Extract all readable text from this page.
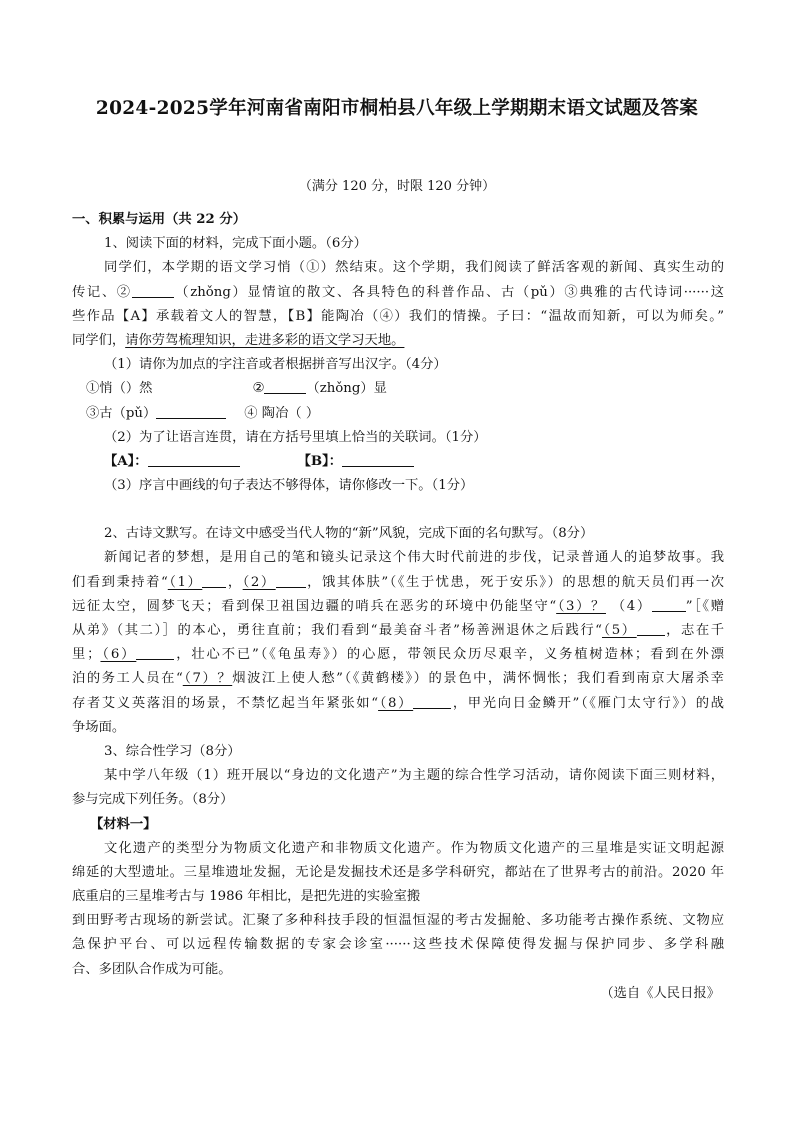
2024-2025学年河南省南阳市桐柏县八年级上学期期末语文试题及答案
（满分 120 分，时限 120 分钟）
一、积累与运用（共 22 分）
1、阅读下面的材料，完成下面小题。（6分）
同学们，本学期的语文学习悄（①）然结束。这个学期，我们阅读了鲜活客观的新闻、真实生动的
传记、②	（zhǒng）显情谊的散文、各具特色的科普作品、古（pǔ）③典雅的古代诗词······这
些作品【A】承载着文人的智慧，【B】能陶冶（④）我们的情操。子曰：“温故而知新，可以为师矣。”
同学们，请你劳驾梳理知识，走进多彩的语文学习天地。
（1）请你为加点的字注音或者根据拼音写出汉字。（4分）
①悄（）然	②	（zhǒng）显
③古（pǔ）	④ 陶冶（ ）
（2）为了让语言连贯，请在方括号里填上恰当的关联词。（1分）
【A】：	【B】：
（3）序言中画线的句子表达不够得体，请你修改一下。（1分）
2、古诗文默写。在诗文中感受当代人物的“新”风貌，完成下面的名句默写。（8分）
新闻记者的梦想，是用自己的笔和镜头记录这个伟大时代前进的步伐，记录普通人的追梦故事。我
们看到秉持着“（1） ，（2） ，饿其体肤”（《生于忧患，死于安乐》）的思想的航天员们再一次
远征太空，圆梦飞天；看到保卫祖国边疆的哨兵在恶劣的环境中仍能坚守“（3）？ （4）	”［《赠
从弟》（其二）］的本心，勇往直前；我们看到“最美奋斗者”杨善洲退休之后践行“（5） ，志在千
里；（6）	，壮心不已”（《龟虽寿》）的心愿，带领民众历尽艰辛，义务植树造林；看到在外漂
泊的务工人员在“（7）？烟波江上使人愁”（《黄鹤楼》）的景色中，满怀惆怅；我们看到南京大屠杀幸
存者艾义英落泪的场景，不禁忆起当年紧张如“（8）	，甲光向日金鳞开”（《雁门太守行》）的战
争场面。
3、综合性学习（8分）
某中学八年级（1）班开展以“身边的文化遗产”为主题的综合性学习活动，请你阅读下面三则材料，
参与完成下列任务。（8分）
【材料一】
文化遗产的类型分为物质文化遗产和非物质文化遗产。作为物质文化遗产的三星堆是实证文明起源
绵延的大型遗址。三星堆遗址发掘，无论是发掘技术还是多学科研究，都站在了世界考古的前沿。2020 年
底重启的三星堆考古与 1986 年相比，是把先进的实验室搬
到田野考古现场的新尝试。汇聚了多种科技手段的恒温恒湿的考古发掘舱、多功能考古操作系统、文物应
急保护平台、可以远程传输数据的专家会诊室······这些技术保障使得发掘与保护同步、多学科融
合、多团队合作成为可能。
（选自《人民日报》
